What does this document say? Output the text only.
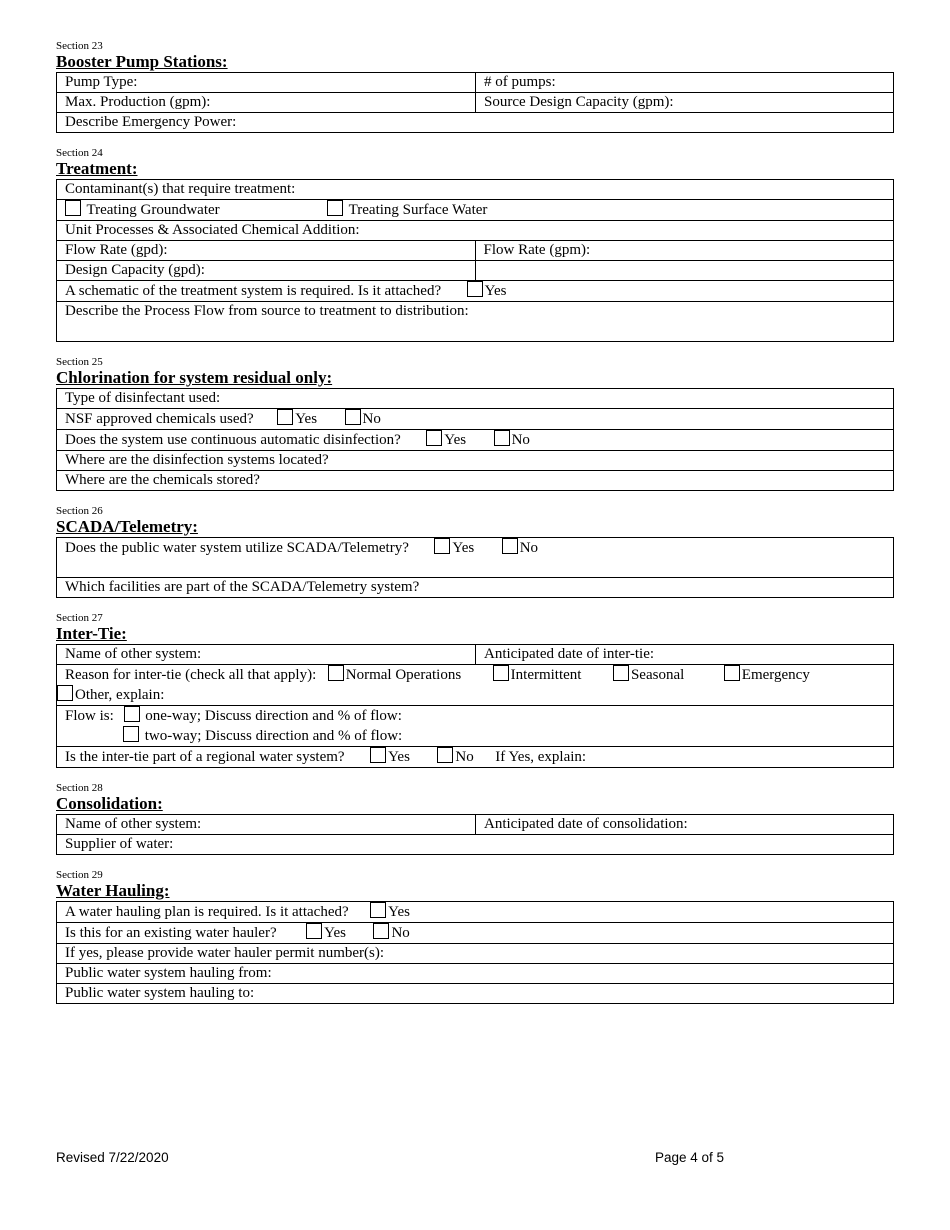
Section 23
Booster Pump Stations:
Pump Type:	# of pumps:
Max. Production (gpm):	Source Design Capacity (gpm):
Describe Emergency Power:	
Section 24
Treatment:
Contaminant(s) that require treatment:	
Treating Groundwater Treating Surface Water	
Unit Processes & Associated Chemical Addition:	
Flow Rate (gpd):	Flow Rate (gpm):
Design Capacity (gpd):	
A schematic of the treatment system is required. Is it attached? Yes	
Describe the Process Flow from source to treatment to distribution:	
Section 25
Chlorination for system residual only:
Type of disinfectant used:
NSF approved chemicals used?	Yes	No
Does the system use continuous automatic disinfection?	Yes	No
Where are the disinfection systems located?
Where are the chemicals stored?
Section 26
SCADA/Telemetry:
Does the public water system utilize SCADA/Telemetry?	Yes	No
Which facilities are part of the SCADA/Telemetry system?
Section 27
Inter-Tie:
Name of other system:	Anticipated date of inter-tie:
Reason for inter-tie (check all that apply): Normal Operations	Intermittent	Seasonal	Emergency
Other, explain:
Flow is: one-way; Discuss direction and % of flow:
two-way; Discuss direction and % of flow:
Is the inter-tie part of a regional water system?	Yes	No If Yes, explain:
Section 28
Consolidation:
Name of other system:	Anticipated date of consolidation:
Supplier of water:
Section 29
Water Hauling:
A water hauling plan is required. Is it attached?	Yes
Is this for an existing water hauler?	Yes	No
If yes, please provide water hauler permit number(s):
Public water system hauling from:
Public water system hauling to:
Revised 7/22/2020	Page 4 of 5
